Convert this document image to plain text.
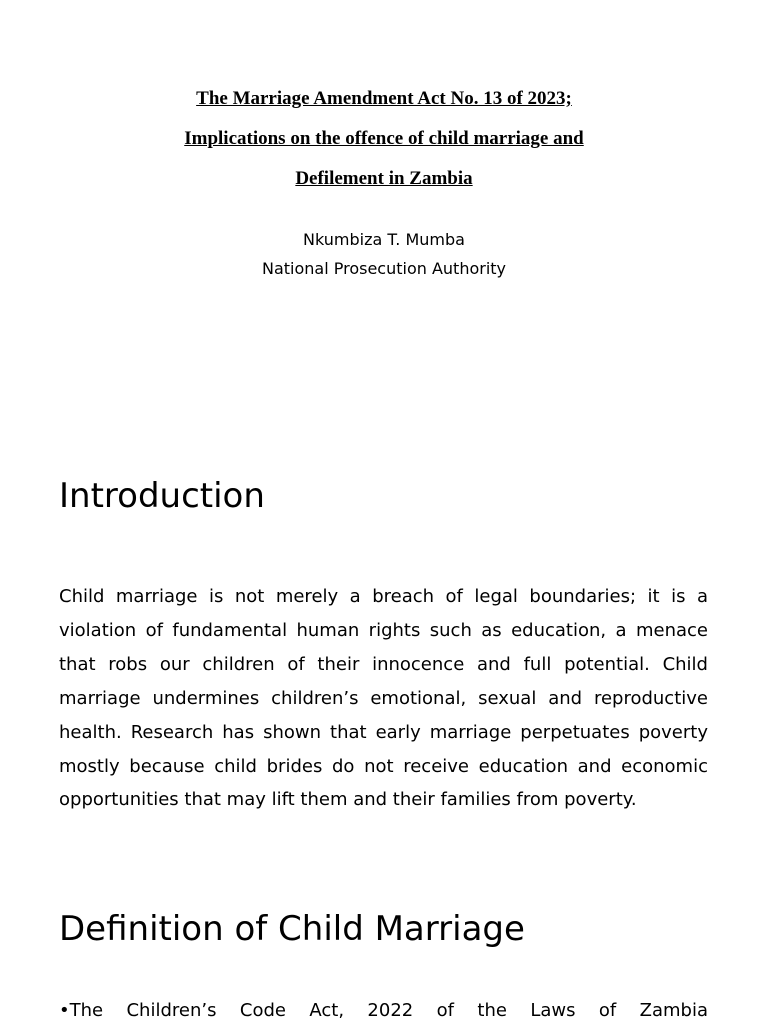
The Marriage Amendment Act No. 13 of 2023;
Implications on the offence of child marriage and
Defilement in Zambia
Nkumbiza T. Mumba
National Prosecution Authority
Introduction

Child marriage is not merely a breach of legal boundaries; it is a violation of fundamental human rights such as education, a menace that robs our children of their innocence and full potential. Child marriage undermines children’s emotional, sexual and reproductive health. Research has shown that early marriage perpetuates poverty mostly because child brides do not receive education and economic opportunities that may lift them and their families from poverty.

Definition of Child Marriage

•The Children’s Code Act, 2022 of the Laws of Zambia
